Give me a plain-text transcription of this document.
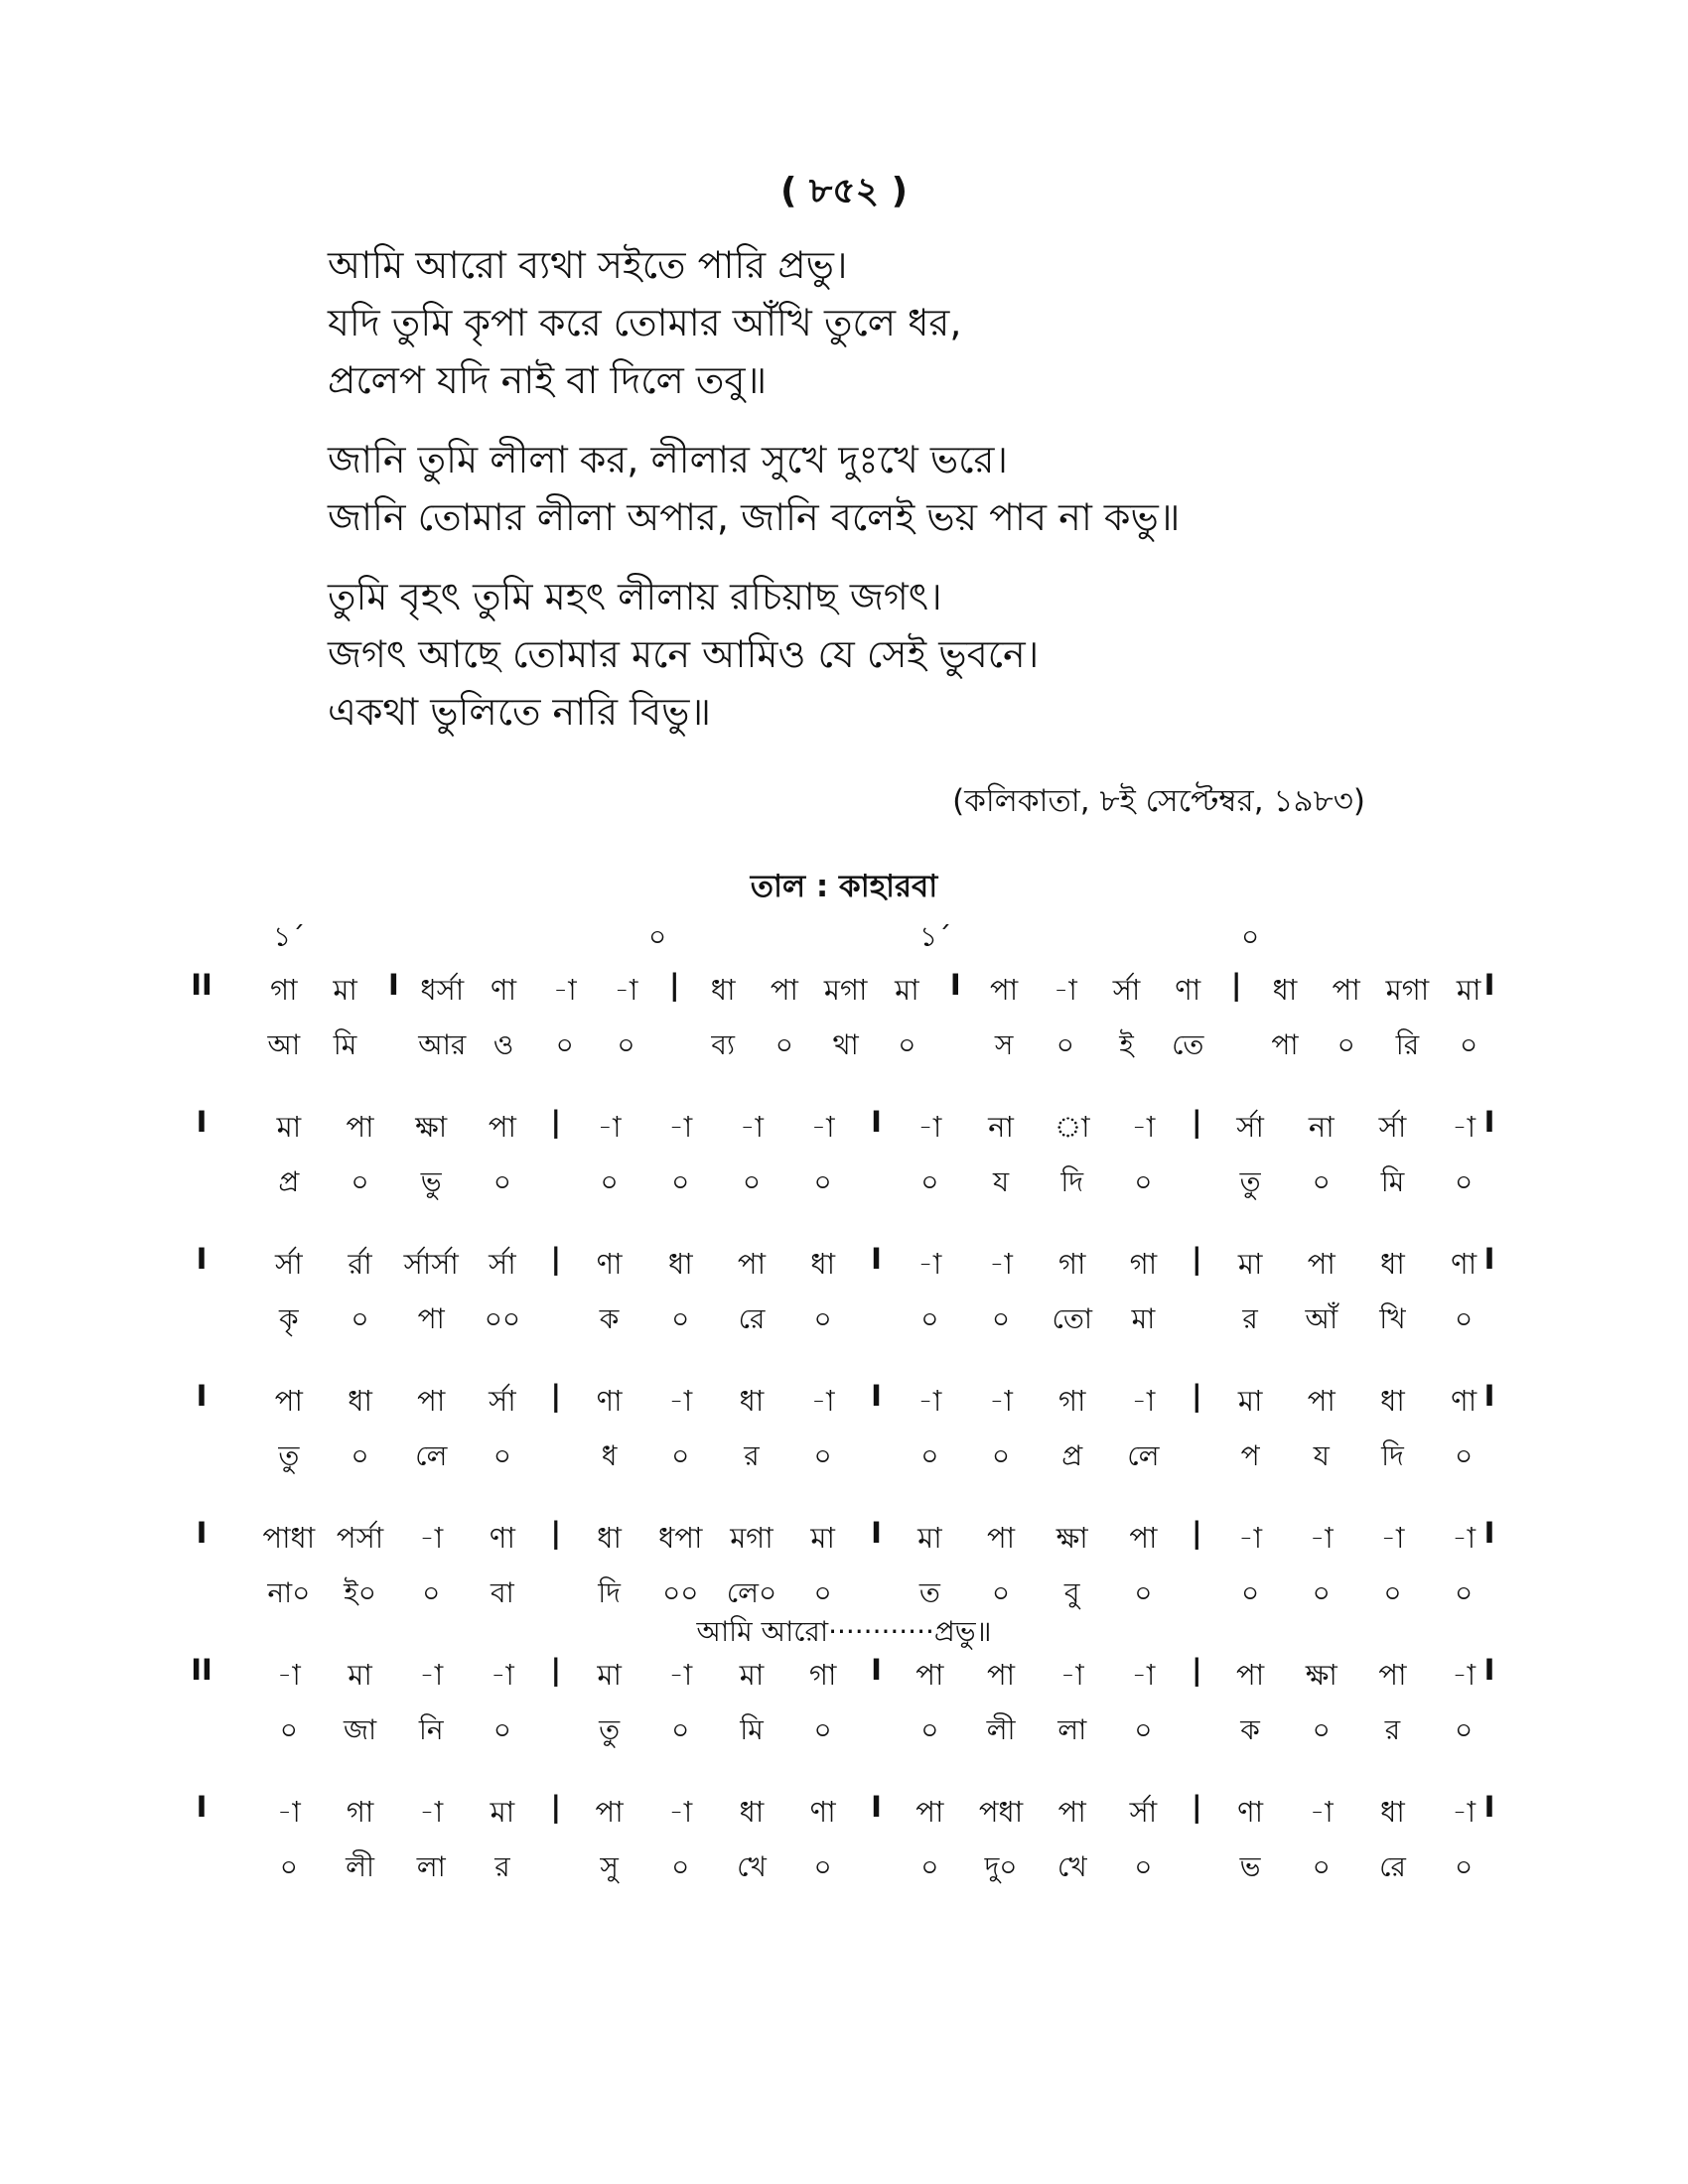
( ৮৫২ )
আমি আরো ব্যথা সইতে পারি প্রভু।
যদি তুমি কৃপা করে তোমার আঁখি তুলে ধর,
প্রলেপ যদি নাই বা দিলে তবু॥
জানি তুমি লীলা কর, লীলার সুখে দুঃখে ভরে।
জানি তোমার লীলা অপার, জানি বলেই ভয় পাব না কভু॥
তুমি বৃহৎ তুমি মহৎ লীলায় রচিয়াছ জগৎ।
জগৎ আছে তোমার মনে আমিও যে সেই ভুবনে।
একথা ভুলিতে নারি বিভু॥
(কলিকাতা, ৮ই সেপ্টেম্বর, ১৯৮৩)
তাল : কাহারবা
১´	০	১´	০
II গা মা I ধর্সা ণা -া -া | ধা পা মগা মা I পা -া র্সা ণা | ধা পা মগা মা I
আ মি আর ও ০ ০	ব্য ০ থা ০	স ০ ই তে পা ০ রি ০
I মা পা ক্ষা পা | -া -া -া -া I -া না া -া | র্সা না র্সা -া I
প্র ০ ভু ০	০ ০ ০ ০	০ য দি ০	তু ০ মি ০
I র্সা র্রা র্সার্সা র্সা | ণা ধা পা ধা I -া -া গা গা | মা পা ধা ণা I
কৃ ০ পা ০০	ক ০ রে ০	০ ০ তো মা	র আঁ খি ০
I পা ধা পা র্সা | ণা -া ধা -া I -া -া গা -া | মা পা ধা ণা I
তু ০ লে ০	ধ ০ র ০	০ ০ প্র লে	প য দি ০
I পাধা পর্সা -া ণা | ধা ধপা মগা মা I মা পা ক্ষা পা | -া -া -া -া I
না০ ই০ ০ বা	দি ০০ লে০ ০	ত ০ বু ০	০ ০ ০ ০
II -া মা -া -া | মা -া মা গা I পা পা -া -া | পা ক্ষা পা -া I
০ জা নি ০	তু ০ মি ০	০ লী লা ০	ক ০ র ০
I -া গা -া মা | পা -া ধা ণা I পা পধা পা র্সা | ণা -া ধা -া I
০ লী লা র	সু ০ খে ০	০ দু০ খে ০	ভ ০ রে ০
আমি আরো············প্রভু॥
